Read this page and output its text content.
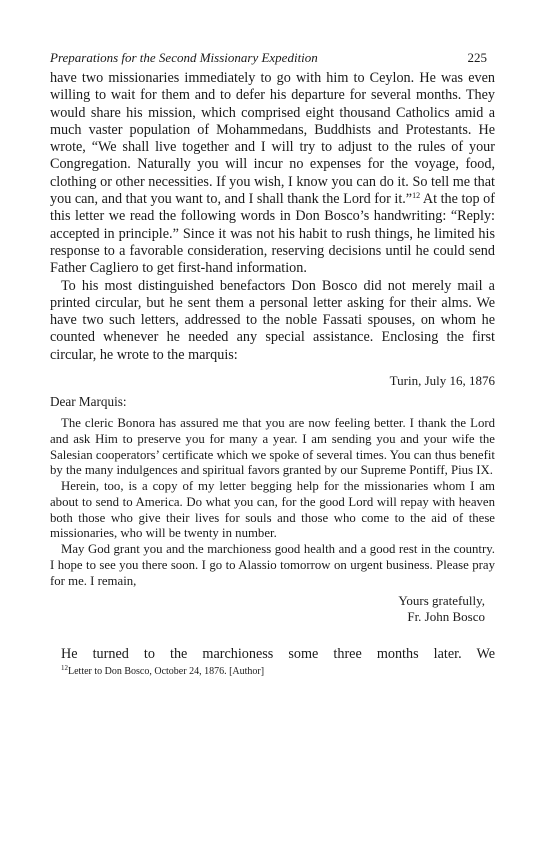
Preparations for the Second Missionary Expedition	225

have two missionaries immediately to go with him to Ceylon. He was even willing to wait for them and to defer his departure for several months. They would share his mission, which comprised eight thousand Catholics amid a much vaster population of Mohammedans, Buddhists and Protestants. He wrote, “We shall live together and I will try to adjust to the rules of your Congregation. Naturally you will incur no expenses for the voyage, food, clothing or other necessities. If you wish, I know you can do it. So tell me that you can, and that you want to, and I shall thank the Lord for it.”$^{12}$ At the top of this letter we read the following words in Don Bosco’s handwriting: “Reply: accepted in principle.” Since it was not his habit to rush things, he limited his response to a favorable consideration, reserving decisions until he could send Father Cagliero to get first-hand information.

To his most distinguished benefactors Don Bosco did not merely mail a printed circular, but he sent them a personal letter asking for their alms. We have two such letters, addressed to the noble Fassati spouses, on whom he counted whenever he needed any special assistance. Enclosing the first circular, he wrote to the marquis:

Turin, July 16, 1876
Dear Marquis:

The cleric Bonora has assured me that you are now feeling better. I thank the Lord and ask Him to preserve you for many a year. I am sending you and your wife the Salesian cooperators’ certificate which we spoke of several times. You can thus benefit by the many indulgences and spiritual favors granted by our Supreme Pontiff, Pius IX.

Herein, too, is a copy of my letter begging help for the missionaries whom I am about to send to America. Do what you can, for the good Lord will repay with heaven both those who give their lives for souls and those who come to the aid of these missionaries, who will be twenty in number.

May God grant you and the marchioness good health and a good rest in the country. I hope to see you there soon. I go to Alassio tomorrow on urgent business. Please pray for me. I remain,

Yours gratefully,
Fr. John Bosco
He turned to the marchioness some three months later. We
$^{12}$Letter to Don Bosco, October 24, 1876. [Author]
